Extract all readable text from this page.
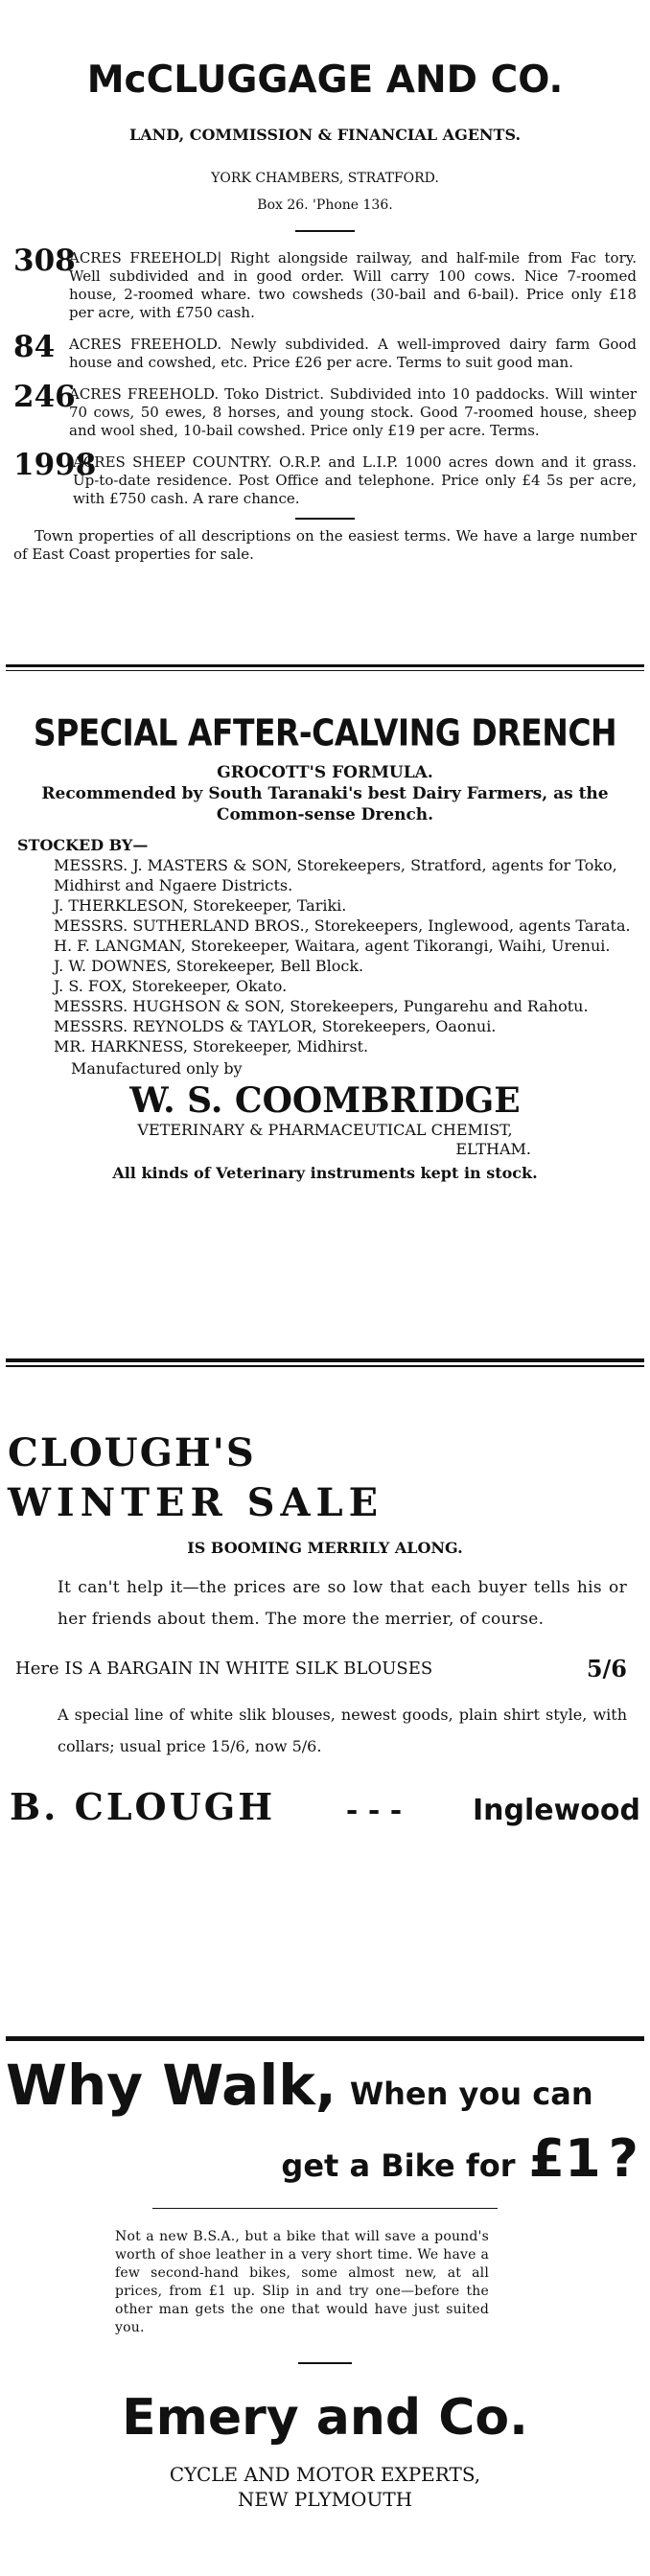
McCLUGGAGE AND CO.

LAND, COMMISSION & FINANCIAL AGENTS.

YORK CHAMBERS, STRATFORD.

Box 26. 'Phone 136.

308
ACRES FREEHOLD| Right alongside railway, and half-mile from Fac tory. Well subdivided and in good order. Will carry 100 cows. Nice 7-roomed house, 2-roomed whare. two cowsheds (30-bail and 6-bail). Price only £18 per acre, with £750 cash.
84 ACRES FREEHOLD. Newly subdivided. A well-improved dairy farm Good house and cowshed, etc. Price £26 per acre. Terms to suit good man.
246
ACRES FREEHOLD. Toko District. Subdivided into 10 paddocks. Will winter 70 cows, 50 ewes, 8 horses, and young stock. Good 7-roomed house, sheep and wool shed, 10-bail cowshed. Price only £19 per acre. Terms.
1998
ACRES SHEEP COUNTRY. O.R.P. and L.I.P. 1000 acres down and it grass. Up-to-date residence. Post Office and telephone. Price only £4 5s per acre, with £750 cash. A rare chance.

Town properties of all descriptions on the easiest terms. We have a large number of East Coast properties for sale.

SPECIAL AFTER-CALVING DRENCH

GROCOTT'S FORMULA.

Recommended by South Taranaki's best Dairy Farmers, as the Common-sense Drench.

STOCKED BY—

MESSRS. J. MASTERS & SON, Storekeepers, Stratford, agents for Toko, Midhirst and Ngaere Districts.

J. THERKLESON, Storekeeper, Tariki.

MESSRS. SUTHERLAND BROS., Storekeepers, Inglewood, agents Tarata.

H. F. LANGMAN, Storekeeper, Waitara, agent Tikorangi, Waihi, Urenui.

J. W. DOWNES, Storekeeper, Bell Block.

J. S. FOX, Storekeeper, Okato.

MESSRS. HUGHSON & SON, Storekeepers, Pungarehu and Rahotu.

MESSRS. REYNOLDS & TAYLOR, Storekeepers, Oaonui.

MR. HARKNESS, Storekeeper, Midhirst.

Manufactured only by

W. S. COOMBRIDGE

VETERINARY & PHARMACEUTICAL CHEMIST,

ELTHAM.

All kinds of Veterinary instruments kept in stock.

CLOUGH'S

WINTER SALE

IS BOOMING MERRILY ALONG.

It can't help it—the prices are so low that each buyer tells his or her friends about them. The more the merrier, of course.

Here IS A BARGAIN IN WHITE SILK BLOUSES	5/6

A special line of white slik blouses, newest goods, plain shirt style, with collars; usual price 15/6, now 5/6.

B. CLOUGH - - - Inglewood
Why Walk, When you can
get a Bike for £1 ?

Not a new B.S.A., but a bike that will save a pound's worth of shoe leather in a very short time. We have a few second-hand bikes, some almost new, at all prices, from £1 up. Slip in and try one—before the other man gets the one that would have just suited you.

Emery and Co.

CYCLE AND MOTOR EXPERTS,

NEW PLYMOUTH
